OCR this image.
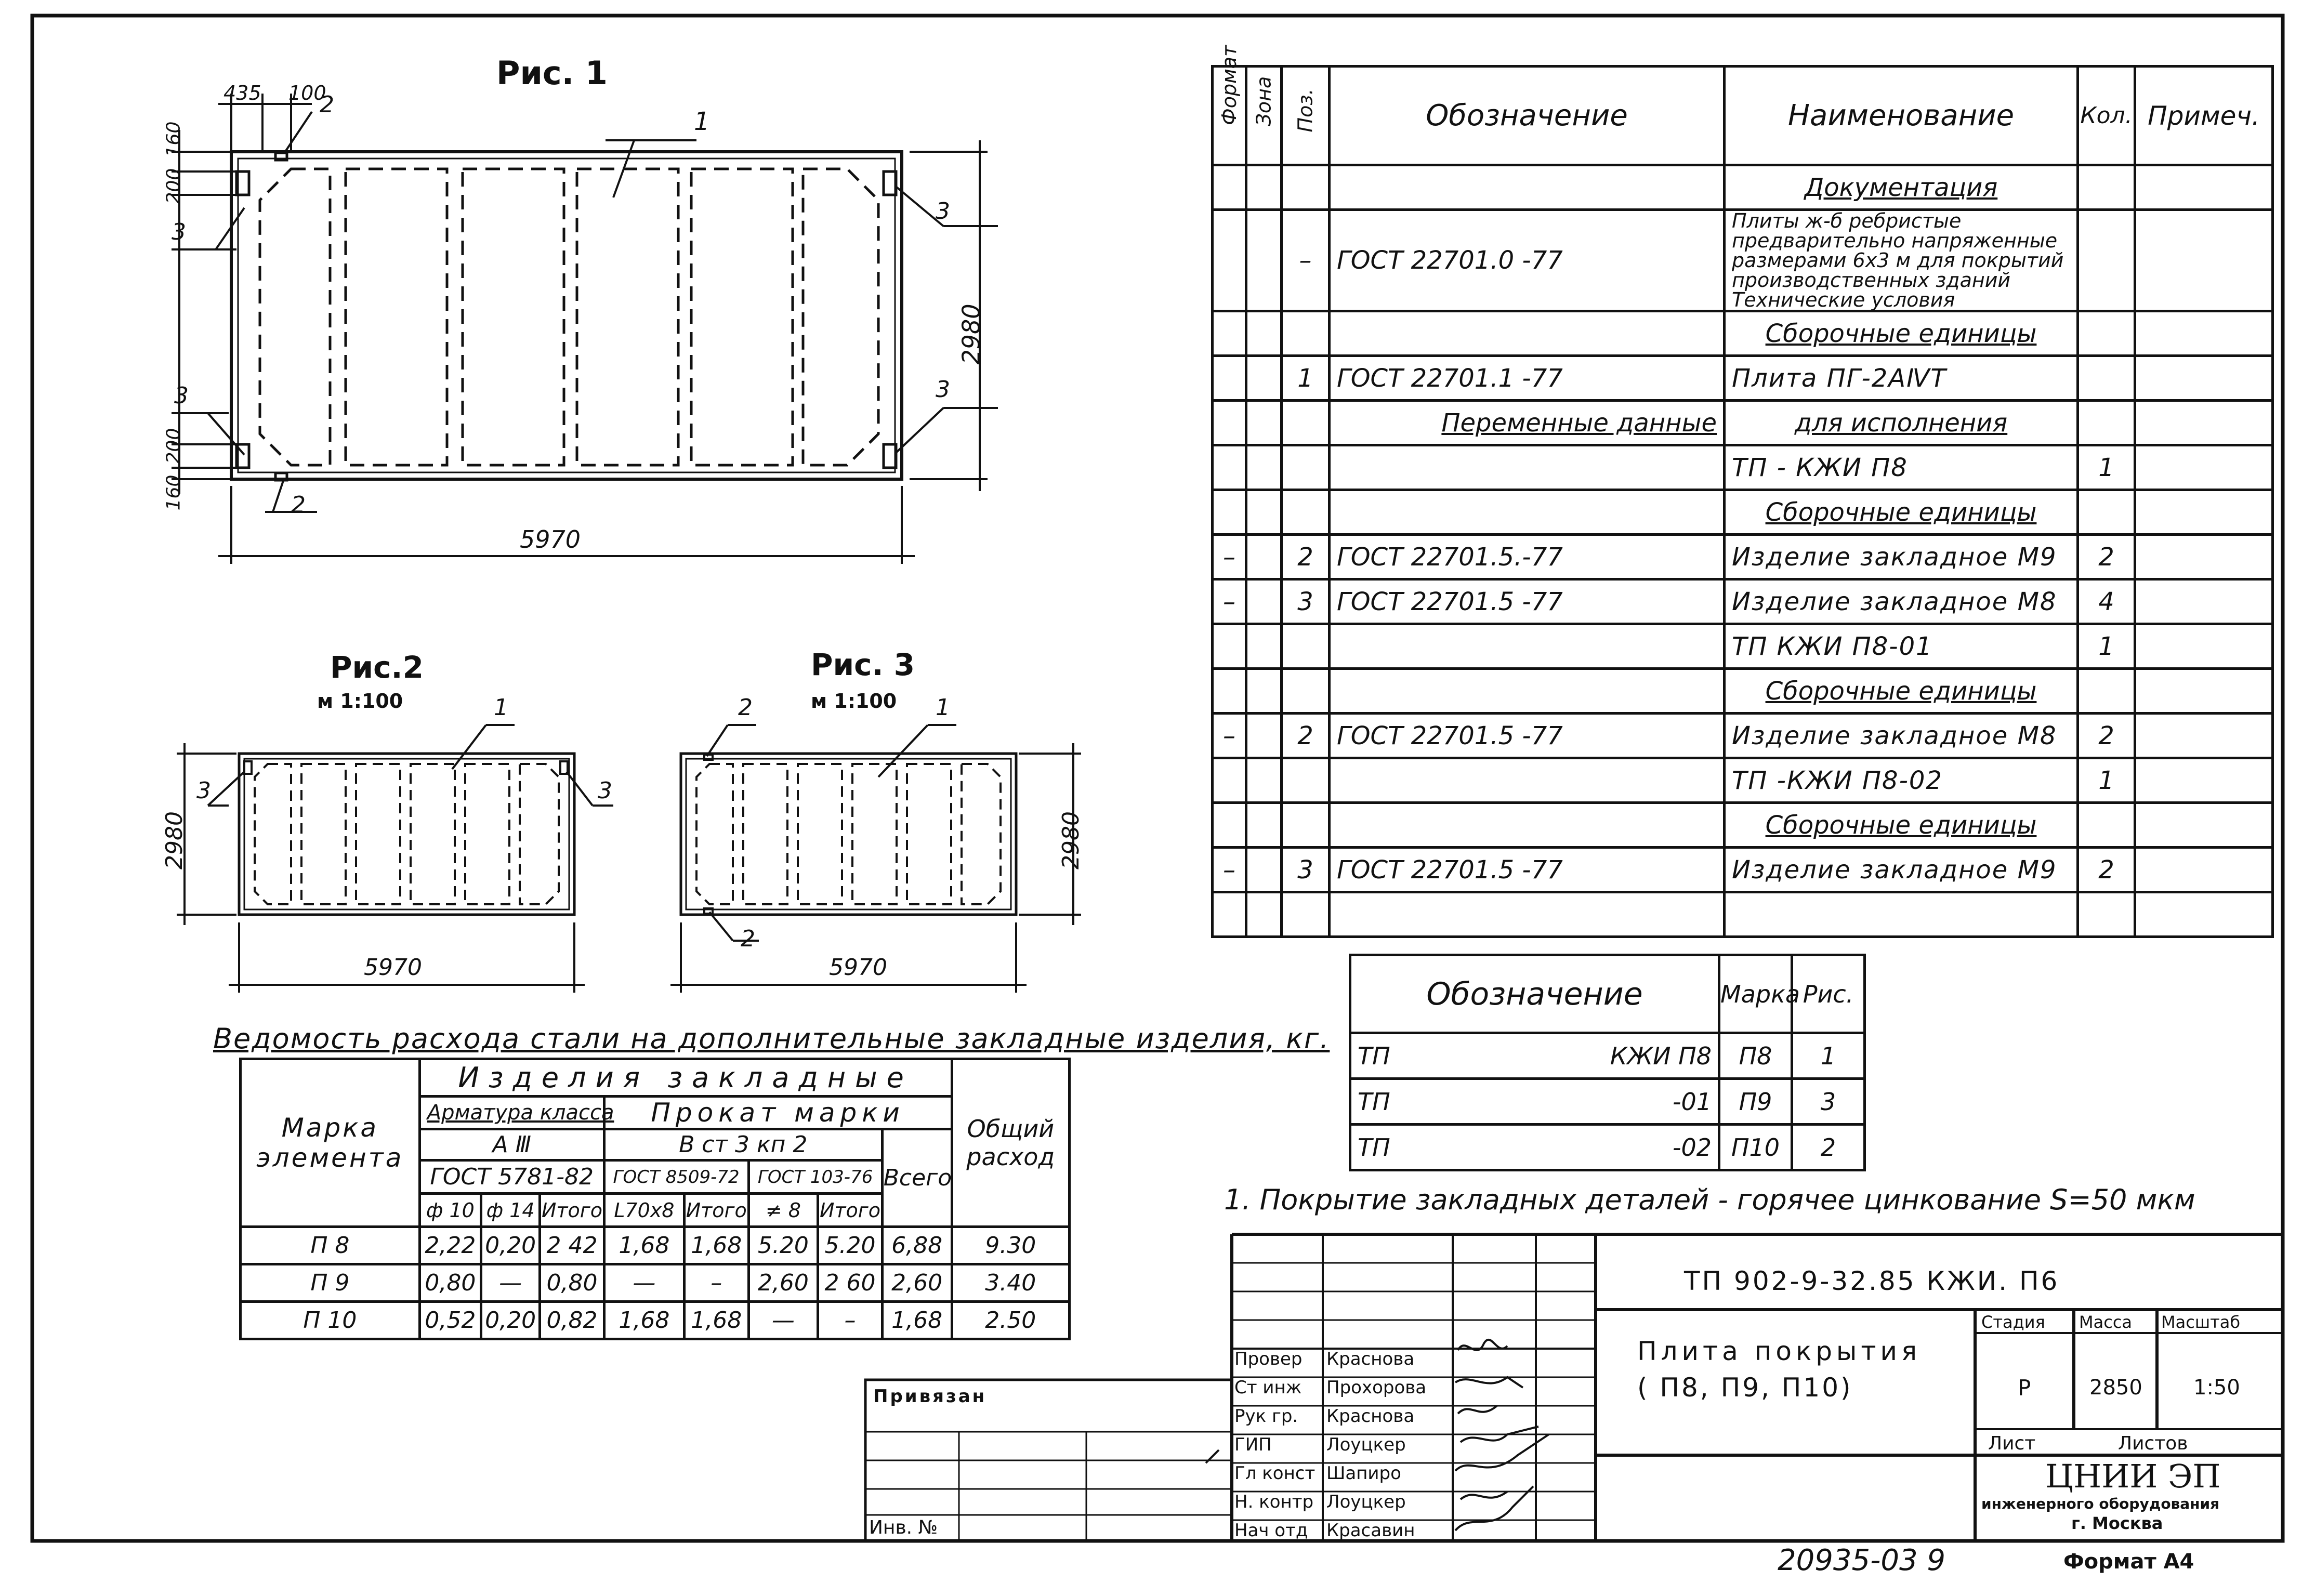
Рис. 1
435 100
160
200
200
160
5970
2980
1
2
2
3
3
3	3
Рис.2
м 1:100	1
3	3
5970
2980
Рис. 3
м 1:100 1
2
2
5970
2980
Формат	Зона	Поз.	Обозначение	Наименование	Кол.	Примеч.
				Документация		
		–	ГОСТ 22701.0 -77	Плиты ж-б ребристые предварительно напряженные размерами 6х3 м для покрытий производственных зданий Технические условия		
				Сборочные единицы		
		1	ГОСТ 22701.1 -77	Плита ПГ-2АⅣТ		
			Переменные данные	для исполнения		
				ТП - КЖИ П8	1	
				Сборочные единицы		
–		2	ГОСТ 22701.5.-77	Изделие закладное М9	2	
–		3	ГОСТ 22701.5 -77	Изделие закладное М8	4	
				ТП КЖИ П8-01	1	
				Сборочные единицы		
–		2	ГОСТ 22701.5 -77	Изделие закладное М8	2	
				ТП -КЖИ П8-02	1	
				Сборочные единицы		
–		3	ГОСТ 22701.5 -77	Изделие закладное М9	2	

Обозначение	Марка	Рис.
ТП КЖИ П8	П8	1
ТП -01	П9	3
ТП -02	П10	2
1. Покрытие закладных деталей - горячее цинкование S=50 мкм
Ведомость расхода стали на дополнительные закладные изделия, кг.
Марка элемента	Изделия закладные								Общий расход
	Арматура класса			Прокат марки					
	А Ⅲ			В ст 3 кп 2				Всего	
	ГОСТ 5781-82			ГОСТ 8509-72		ГОСТ 103-76			
	ф 10	ф 14	Итого	L70х8	Итого	≠ 8	Итого		
П 8	2,22	0,20	2 42	1,68	1,68	5.20	5.20	6,88	9.30
П 9	0,80	—	0,80	—	–	2,60	2 60	2,60	3.40
П 10	0,52	0,20	0,82	1,68	1,68	—	–	1,68	2.50
Провер Краснова
Ст инж Прохорова
Рук гр. Краснова
ГИП	Лоуцкер
Гл конст Шапиро
Н. контр Лоуцкер
Нач отд Красавин
ТП 902-9-32.85 КЖИ. П6
Плита покрытия
( П8, П9, П10)
Стадия Масса Масштаб
Р	2850 1:50
Лист	Листов
ЦНИИ ЭП
инженерного оборудования
г. Москва
Привязан
Инв. №
20935-03 9	Формат А4
